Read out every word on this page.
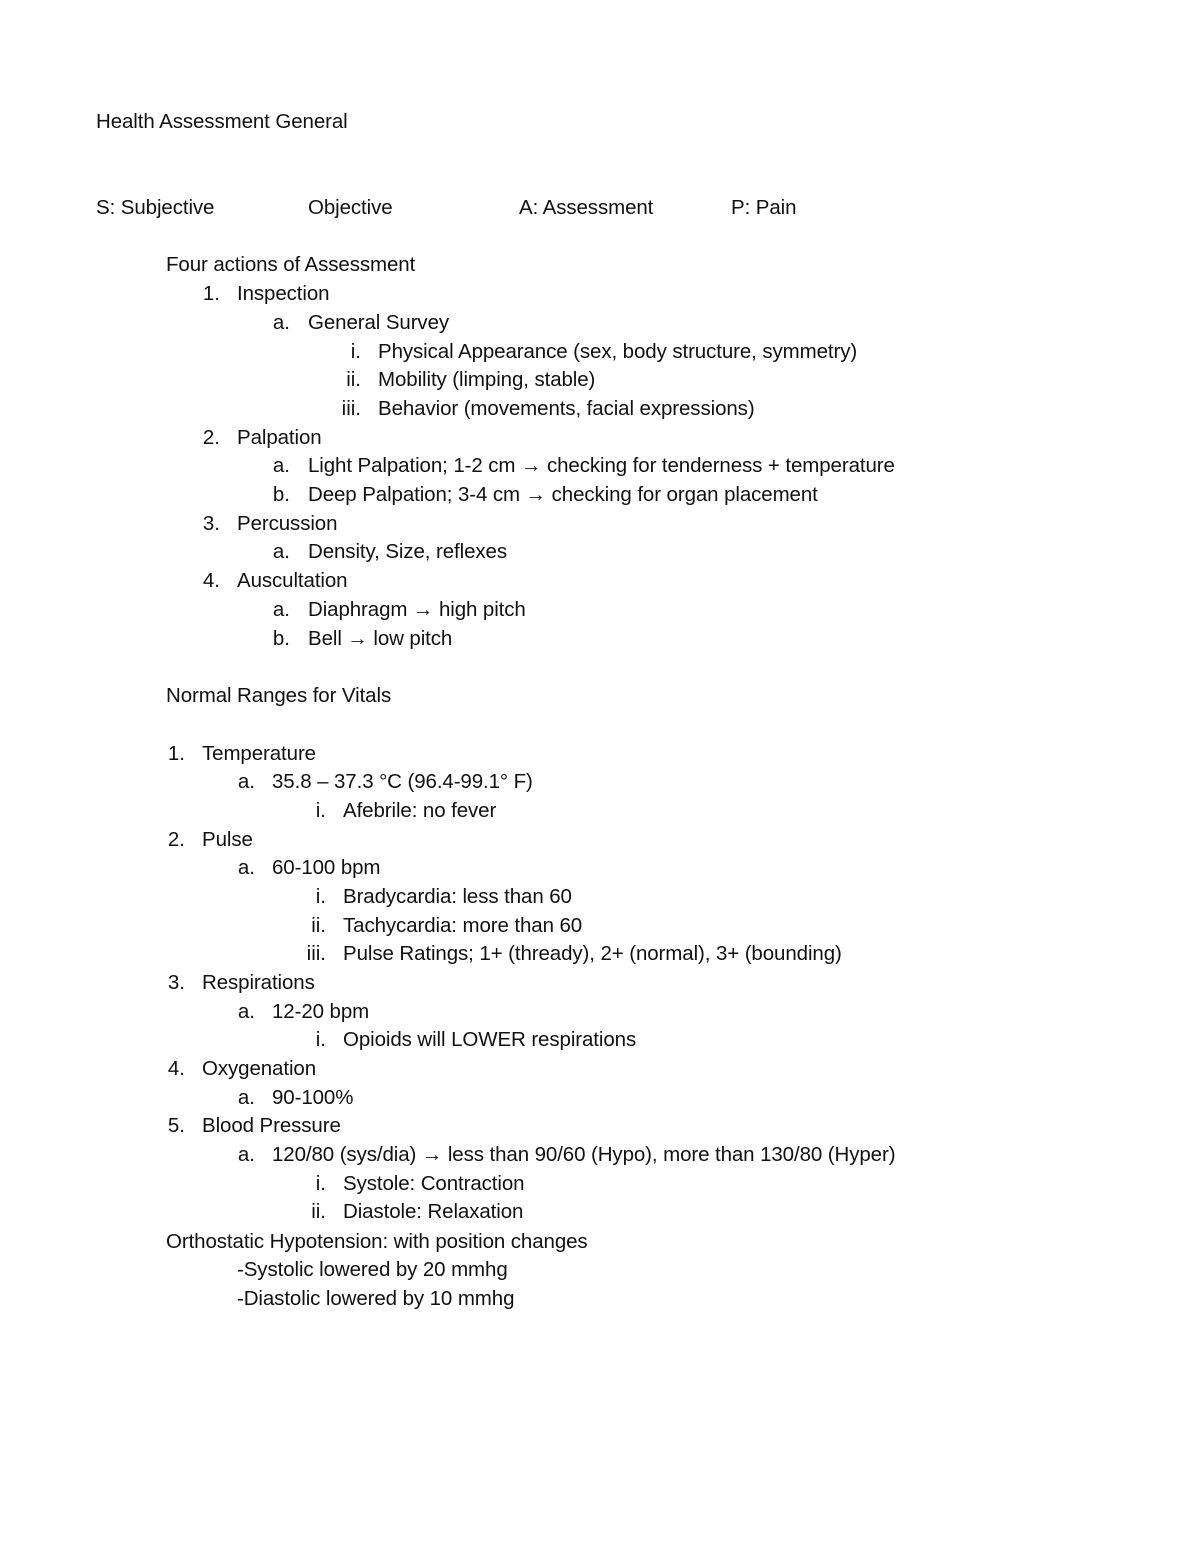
Health Assessment General
S: Subjective	Objective	A: Assessment	P: Pain
Four actions of Assessment
1. Inspection
a. General Survey
i. Physical Appearance (sex, body structure, symmetry)
ii. Mobility (limping, stable)
iii. Behavior (movements, facial expressions)
2. Palpation
a. Light Palpation; 1-2 cm → checking for tenderness + temperature
b. Deep Palpation; 3-4 cm → checking for organ placement
3. Percussion
a. Density, Size, reflexes
4. Auscultation
a. Diaphragm → high pitch
b. Bell → low pitch
Normal Ranges for Vitals
1. Temperature
a. 35.8 – 37.3 °C (96.4-99.1° F)
i. Afebrile: no fever
2. Pulse
a. 60-100 bpm
i. Bradycardia: less than 60
ii. Tachycardia: more than 60
iii. Pulse Ratings; 1+ (thready), 2+ (normal), 3+ (bounding)
3. Respirations
a. 12-20 bpm
i. Opioids will LOWER respirations
4. Oxygenation
a. 90-100%
5. Blood Pressure
a. 120/80 (sys/dia) → less than 90/60 (Hypo), more than 130/80 (Hyper)
i. Systole: Contraction
ii. Diastole: Relaxation
Orthostatic Hypotension: with position changes
-Systolic lowered by 20 mmhg
-Diastolic lowered by 10 mmhg
